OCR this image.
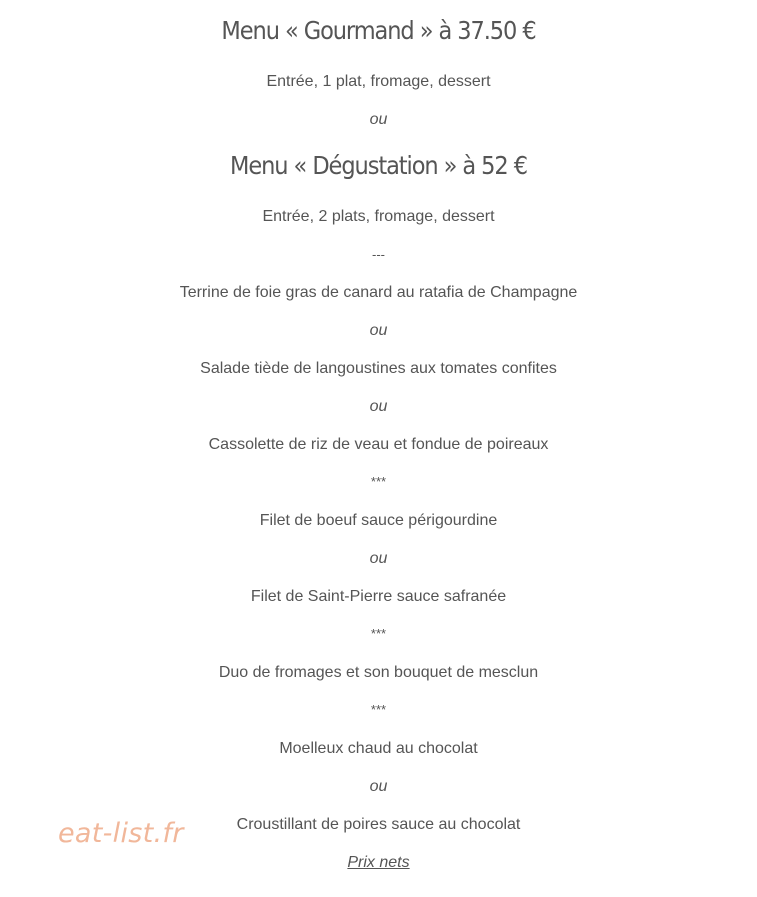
Menu « Gourmand » à 37.50 €
Entrée, 1 plat, fromage, dessert
ou
Menu « Dégustation » à 52 €
Entrée, 2 plats, fromage, dessert
---
Terrine de foie gras de canard au ratafia de Champagne
ou
Salade tiède de langoustines aux tomates confites
ou
Cassolette de riz de veau et fondue de poireaux
***
Filet de boeuf sauce périgourdine
ou
Filet de Saint-Pierre sauce safranée
***
Duo de fromages et son bouquet de mesclun
***
Moelleux chaud au chocolat
ou
Croustillant de poires sauce au chocolat
Prix nets
eat-list.fr
